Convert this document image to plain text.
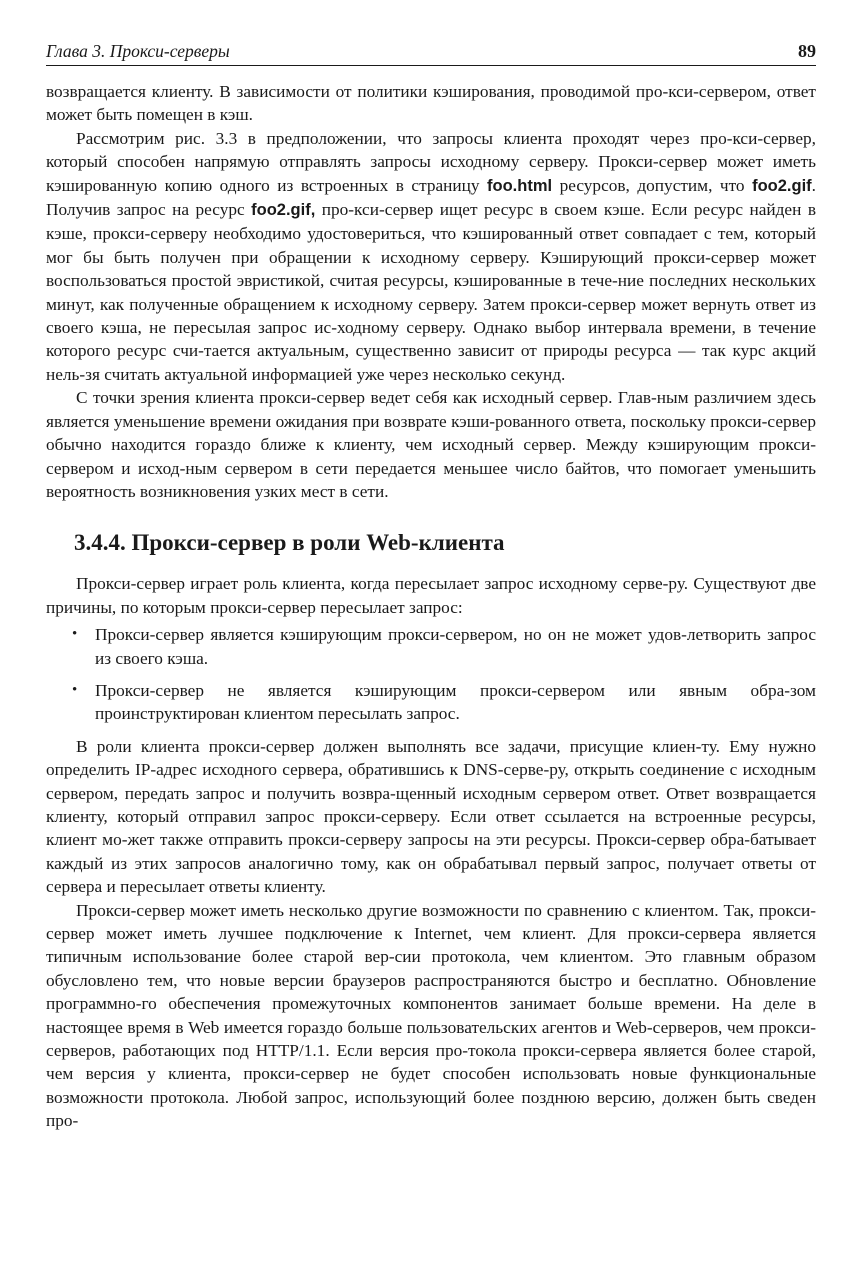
Глава 3. Прокси-серверы	89

возвращается клиенту. В зависимости от политики кэширования, проводимой про-кси-сервером, ответ может быть помещен в кэш.

Рассмотрим рис. 3.3 в предположении, что запросы клиента проходят через про-кси-сервер, который способен напрямую отправлять запросы исходному серверу. Прокси-сервер может иметь кэшированную копию одного из встроенных в страницу foo.html ресурсов, допустим, что foo2.gif. Получив запрос на ресурс foo2.gif, про-кси-сервер ищет ресурс в своем кэше. Если ресурс найден в кэше, прокси-серверу необходимо удостовериться, что кэшированный ответ совпадает с тем, который мог бы быть получен при обращении к исходному серверу. Кэширующий прокси-сервер может воспользоваться простой эвристикой, считая ресурсы, кэшированные в тече-ние последних нескольких минут, как полученные обращением к исходному серверу. Затем прокси-сервер может вернуть ответ из своего кэша, не пересылая запрос ис-ходному серверу. Однако выбор интервала времени, в течение которого ресурс счи-тается актуальным, существенно зависит от природы ресурса — так курс акций нель-зя считать актуальной информацией уже через несколько секунд.

С точки зрения клиента прокси-сервер ведет себя как исходный сервер. Глав-ным различием здесь является уменьшение времени ожидания при возврате кэши-рованного ответа, поскольку прокси-сервер обычно находится гораздо ближе к клиенту, чем исходный сервер. Между кэширующим прокси-сервером и исход-ным сервером в сети передается меньшее число байтов, что помогает уменьшить вероятность возникновения узких мест в сети.

3.4.4. Прокси-сервер в роли Web-клиента

Прокси-сервер играет роль клиента, когда пересылает запрос исходному серве-ру. Существуют две причины, по которым прокси-сервер пересылает запрос:

• Прокси-сервер является кэширующим прокси-сервером, но он не может удов-летворить запрос из своего кэша.
• Прокси-сервер не является кэширующим прокси-сервером или явным обра-зом проинструктирован клиентом пересылать запрос.

В роли клиента прокси-сервер должен выполнять все задачи, присущие клиен-ту. Ему нужно определить IP-адрес исходного сервера, обратившись к DNS-серве-ру, открыть соединение с исходным сервером, передать запрос и получить возвра-щенный исходным сервером ответ. Ответ возвращается клиенту, который отправил запрос прокси-серверу. Если ответ ссылается на встроенные ресурсы, клиент мо-жет также отправить прокси-серверу запросы на эти ресурсы. Прокси-сервер обра-батывает каждый из этих запросов аналогично тому, как он обрабатывал первый запрос, получает ответы от сервера и пересылает ответы клиенту.

Прокси-сервер может иметь несколько другие возможности по сравнению с клиентом. Так, прокси-сервер может иметь лучшее подключение к Internet, чем клиент. Для прокси-сервера является типичным использование более старой вер-сии протокола, чем клиентом. Это главным образом обусловлено тем, что новые версии браузеров распространяются быстро и бесплатно. Обновление программно-го обеспечения промежуточных компонентов занимает больше времени. На деле в настоящее время в Web имеется гораздо больше пользовательских агентов и Web-серверов, чем прокси-серверов, работающих под HTTP/1.1. Если версия про-токола прокси-сервера является более старой, чем версия у клиента, прокси-сервер не будет способен использовать новые функциональные возможности протокола. Любой запрос, использующий более позднюю версию, должен быть сведен про-
